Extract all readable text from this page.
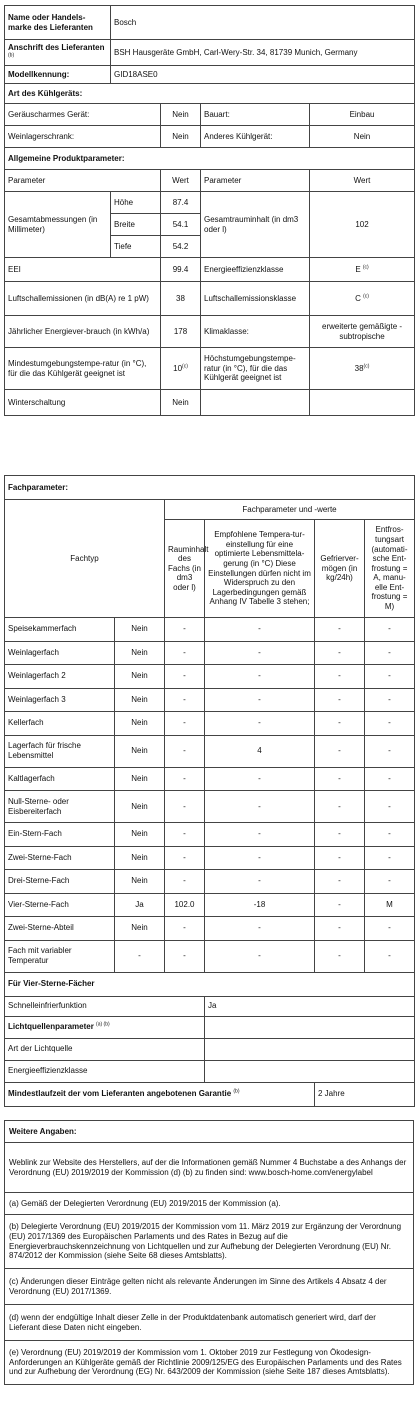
Name oder Handels-marke des Lieferanten	Bosch			
Anschrift des Lieferanten $^{(b)}$	BSH Hausgeräte GmbH, Carl-Wery-Str. 34, 81739 Munich, Germany			
Modellkennung:	GID18ASE0			
Art des Kühlgeräts:				
Geräuscharmes Gerät:		Nein	Bauart:	Einbau
Weinlagerschrank:		Nein	Anderes Kühlgerät:	Nein
Allgemeine Produktparameter:				
Parameter		Wert	Parameter	Wert
Gesamtabmessungen (in Millimeter)	Höhe	87.4	Gesamtrauminhalt (in dm3 oder l)	102
	Breite	54.1		
	Tiefe	54.2		
EEI		99.4	Energieeffizienzklasse	E $^{(c)}$
Luftschallemissionen (in dB(A) re 1 pW)		38	Luftschallemissionsklasse	C $^{(c)}$
Jährlicher Energiever-brauch (in kWh/a)		178	Klimaklasse:	erweiterte gemäßigte - subtropische
Mindestumgebungstempe-ratur (in °C), für die das Kühlgerät geeignet ist		10$^{(c)}$	Höchstumgebungstempe-ratur (in °C), für die das Kühlgerät geeignet ist	38$^{(c)}$
Winterschaltung		Nein		
Fachparameter:					
Fachtyp		Fachparameter und -werte			
		Rauminhalt des Fachs (in dm3 oder l)	Empfohlene Tempera-tur-einstellung für eine optimierte Lebensmittela-gerung (in °C) Diese Einstellungen dürfen nicht im Widerspruch zu den Lagerbedingungen gemäß Anhang IV Tabelle 3 stehen;	Gefrierver-mögen (in kg/24h)	Entfros-tungsart (automati-sche Ent-frostung = A, manu-elle Ent-frostung = M)
Speisekammerfach	Nein	-	-	-	-
Weinlagerfach	Nein	-	-	-	-
Weinlagerfach 2	Nein	-	-	-	-
Weinlagerfach 3	Nein	-	-	-	-
Kellerfach	Nein	-	-	-	-
Lagerfach für frische Lebensmittel	Nein	-	4	-	-
Kaltlagerfach	Nein	-	-	-	-
Null-Sterne- oder Eisbereiterfach	Nein	-	-	-	-
Ein-Stern-Fach	Nein	-	-	-	-
Zwei-Sterne-Fach	Nein	-	-	-	-
Drei-Sterne-Fach	Nein	-	-	-	-
Vier-Sterne-Fach	Ja	102.0	-18	-	M
Zwei-Sterne-Abteil	Nein	-	-	-	-
Fach mit variabler Temperatur	-	-	-	-	-
Für Vier-Sterne-Fächer					
Schnelleinfrierfunktion			Ja		
Lichtquellenparameter $^{(a) (b)}$	
Art der Lichtquelle					
Energieeffizienzklasse					
Mindestlaufzeit der vom Lieferanten angebotenen Garantie $^{(b)}$				2 Jahre	
Weitere Angaben:
Weblink zur Website des Herstellers, auf der die Informationen gemäß Nummer 4 Buchstabe a des Anhangs der Verordnung (EU) 2019/2019 der Kommission (d) (b) zu finden sind: www.bosch-home.com/energylabel
(a) Gemäß der Delegierten Verordnung (EU) 2019/2015 der Kommission (a).
(b) Delegierte Verordnung (EU) 2019/2015 der Kommission vom 11. März 2019 zur Ergänzung der Verordnung (EU) 2017/1369 des Europäischen Parlaments und des Rates in Bezug auf die Energieverbrauchskennzeichnung von Lichtquellen und zur Aufhebung der Delegierten Verordnung (EU) Nr. 874/2012 der Kommission (siehe Seite 68 dieses Amtsblatts).
(c) Änderungen dieser Einträge gelten nicht als relevante Änderungen im Sinne des Artikels 4 Absatz 4 der Verordnung (EU) 2017/1369.
(d) wenn der endgültige Inhalt dieser Zelle in der Produktdatenbank automatisch generiert wird, darf der Lieferant diese Daten nicht eingeben.
(e) Verordnung (EU) 2019/2019 der Kommission vom 1. Oktober 2019 zur Festlegung von Ökodesign-Anforderungen an Kühlgeräte gemäß der Richtlinie 2009/125/EG des Europäischen Parlaments und des Rates und zur Aufhebung der Verordnung (EG) Nr. 643/2009 der Kommission (siehe Seite 187 dieses Amtsblatts).
